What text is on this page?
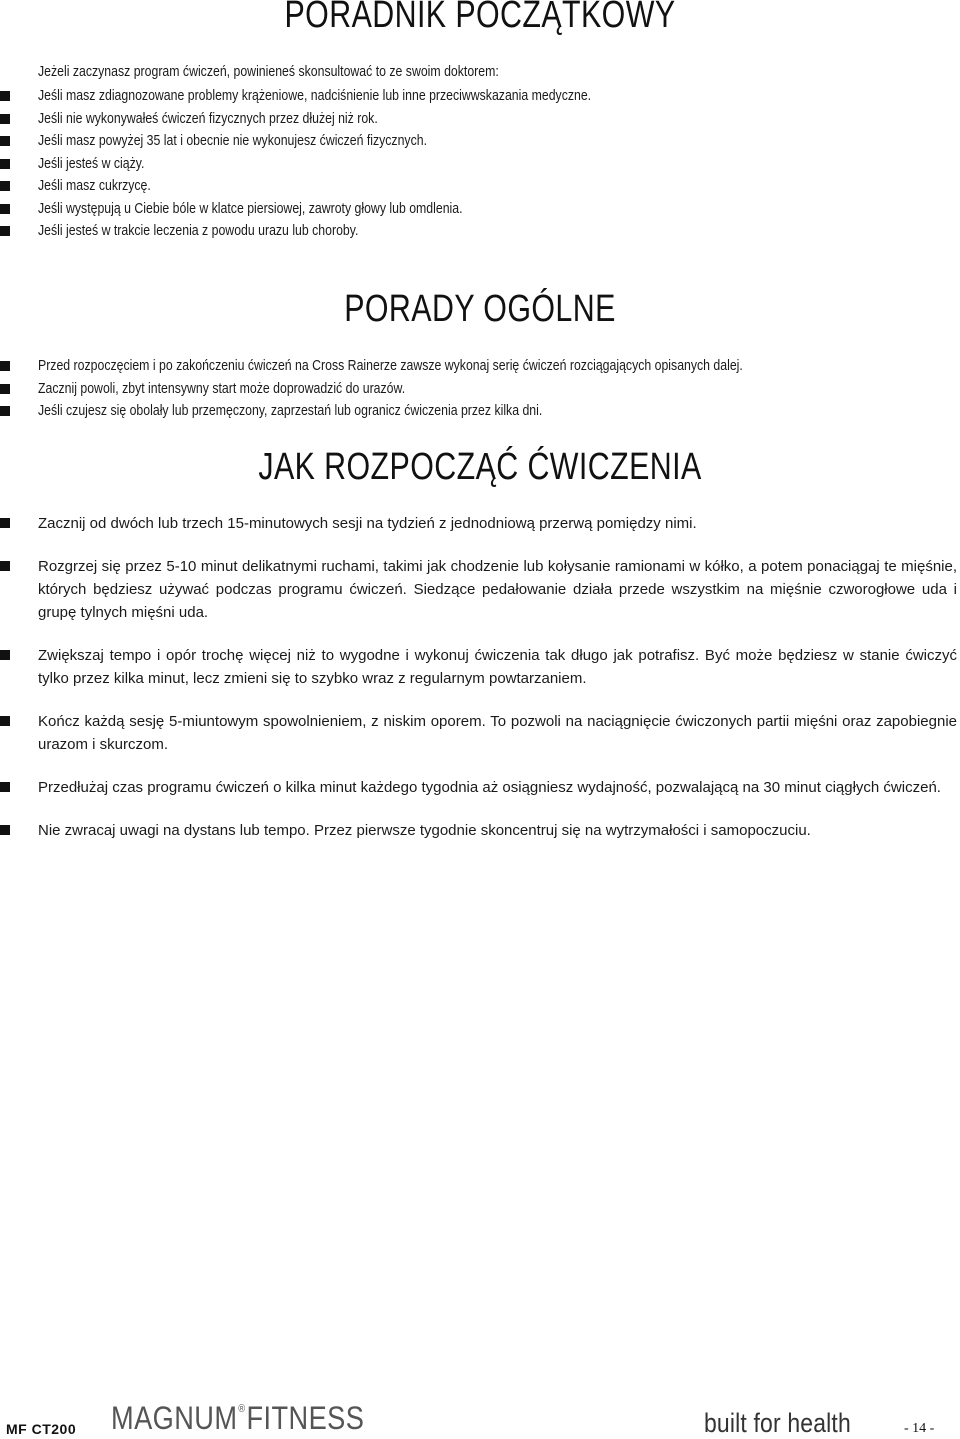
PORADNIK POCZĄTKOWY
Jeżeli zaczynasz program ćwiczeń, powinieneś skonsultować to ze swoim doktorem:
Jeśli masz zdiagnozowane problemy krążeniowe, nadciśnienie lub inne przeciwwskazania medyczne.
Jeśli nie wykonywałeś ćwiczeń fizycznych przez dłużej niż rok.
Jeśli masz powyżej 35 lat i obecnie nie wykonujesz ćwiczeń fizycznych.
Jeśli jesteś w ciąży.
Jeśli masz cukrzycę.
Jeśli występują u Ciebie bóle w klatce piersiowej, zawroty głowy lub omdlenia.
Jeśli jesteś w trakcie leczenia z powodu urazu lub choroby.
PORADY OGÓLNE
Przed rozpoczęciem i po zakończeniu ćwiczeń na Cross Rainerze zawsze wykonaj serię ćwiczeń rozciągających opisanych dalej.
Zacznij powoli, zbyt intensywny start może doprowadzić do urazów.
Jeśli czujesz się obolały lub przemęczony, zaprzestań lub ogranicz ćwiczenia przez kilka dni.
JAK ROZPOCZĄĆ ĆWICZENIA
Zacznij od dwóch lub trzech 15-minutowych sesji na tydzień z jednodniową przerwą pomiędzy nimi.
Rozgrzej się przez 5-10 minut delikatnymi ruchami, takimi jak chodzenie lub kołysanie ramionami w kółko, a potem ponaciągaj te mięśnie, których będziesz używać podczas programu ćwiczeń. Siedzące pedałowanie działa przede wszystkim na mięśnie czworogłowe uda i grupę tylnych mięśni uda.
Zwiększaj tempo i opór trochę więcej niż to wygodne i wykonuj ćwiczenia tak długo jak potrafisz. Być może będziesz w stanie ćwiczyć tylko przez kilka minut, lecz zmieni się to szybko wraz z regularnym powtarzaniem.
Kończ każdą sesję 5-miuntowym spowolnieniem, z niskim oporem. To pozwoli na naciągnięcie ćwiczonych partii mięśni oraz zapobiegnie urazom i skurczom.
Przedłużaj czas programu ćwiczeń o kilka minut każdego tygodnia aż osiągniesz wydajność, pozwalającą na 30 minut ciągłych ćwiczeń.
Nie zwracaj uwagi na dystans lub tempo. Przez pierwsze tygodnie skoncentruj się na wytrzymałości i samopoczuciu.
MF CT200 MAGNUM®FITNESS	built for health	- 14 -
